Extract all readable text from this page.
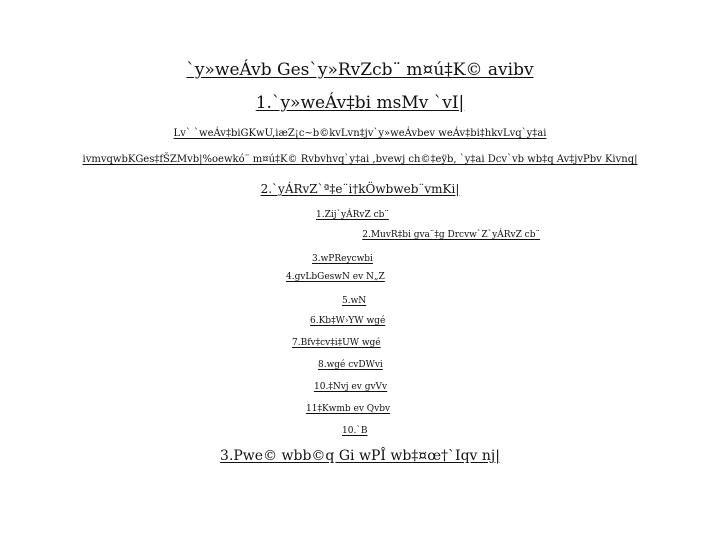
`y»weÁvb Ges`y»RvZcb¨ m¤ú‡K© avibv
1.`y»weÁv‡bi msMv `vI|
Lv` `weÁv‡biGKwU,iæZ¡c~b©kvLvn‡jv`y»weÁvbev weÁv‡bi‡hkvLvq`y‡ai
ivmvqwbKGes‡fŠZMvb|%oewkó¨ m¤ú‡K© Rvbvhvq`y‡ai ,bvewj ch©‡eÿb, `y‡ai Dcv`vb wb‡q Av‡jvPbv Kivnq|
2.`yÁRvZ`ª‡e¨i†kÖwbweb¨vmKi|
1.Zij`yÁRvZ cb¨
2.MuvR‡bi gva¨‡g Drcvw`Z`yÁRvZ cb¨
3.wPReycwbi
4.gvLbGeswN ev N„Z
5.wN
6.Kb‡W›YW wgé
7.Bfv‡cv‡i‡UW wgé
8.wgé cvDWvi
10.‡Nvj ev gvVv
11‡Kwmb ev Qvbv
10.`B
3.Pwe© wbb©q Gi wPÎ wb‡¤œ†`Iqv nj|
